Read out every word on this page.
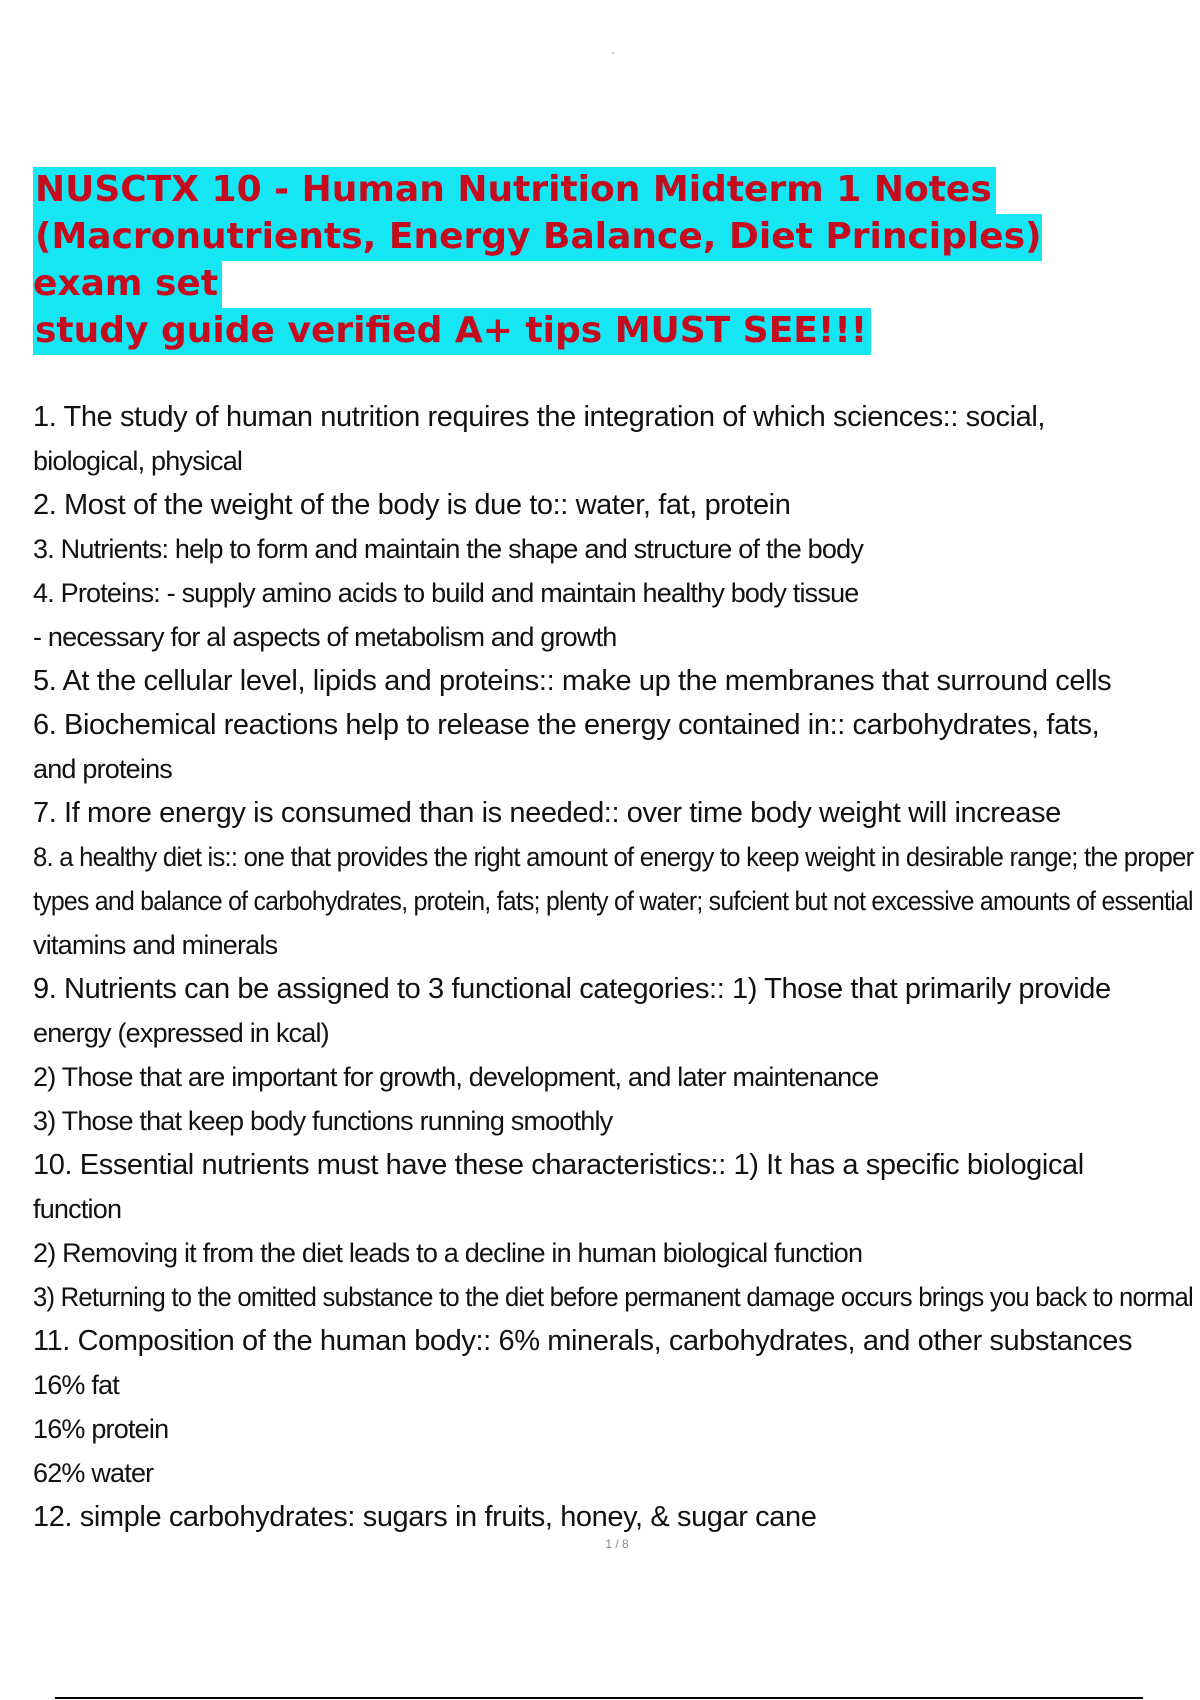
NUSCTX 10 - Human Nutrition Midterm 1 Notes

(Macronutrients, Energy Balance, Diet Principles) exam set

study guide verified A+ tips MUST SEE!!!

1. The study of human nutrition requires the integration of which sciences:: social,
biological, physical
2. Most of the weight of the body is due to:: water, fat, protein
3. Nutrients: help to form and maintain the shape and structure of the body
4. Proteins: - supply amino acids to build and maintain healthy body tissue
- necessary for al aspects of metabolism and growth
5. At the cellular level, lipids and proteins:: make up the membranes that surround cells
6. Biochemical reactions help to release the energy contained in:: carbohydrates, fats,
and proteins
7. If more energy is consumed than is needed:: over time body weight will increase
8. a healthy diet is:: one that provides the right amount of energy to keep weight in desirable range; the proper
types and balance of carbohydrates, protein, fats; plenty of water; sufcient but not excessive amounts of essential
vitamins and minerals
9. Nutrients can be assigned to 3 functional categories:: 1) Those that primarily provide
energy (expressed in kcal)
2) Those that are important for growth, development, and later maintenance
3) Those that keep body functions running smoothly
10. Essential nutrients must have these characteristics:: 1) It has a specific biological
function
2) Removing it from the diet leads to a decline in human biological function
3) Returning to the omitted substance to the diet before permanent damage occurs brings you back to normal
11. Composition of the human body:: 6% minerals, carbohydrates, and other substances
16% fat
16% protein
62% water
12. simple carbohydrates: sugars in fruits, honey, & sugar cane
1 / 8
